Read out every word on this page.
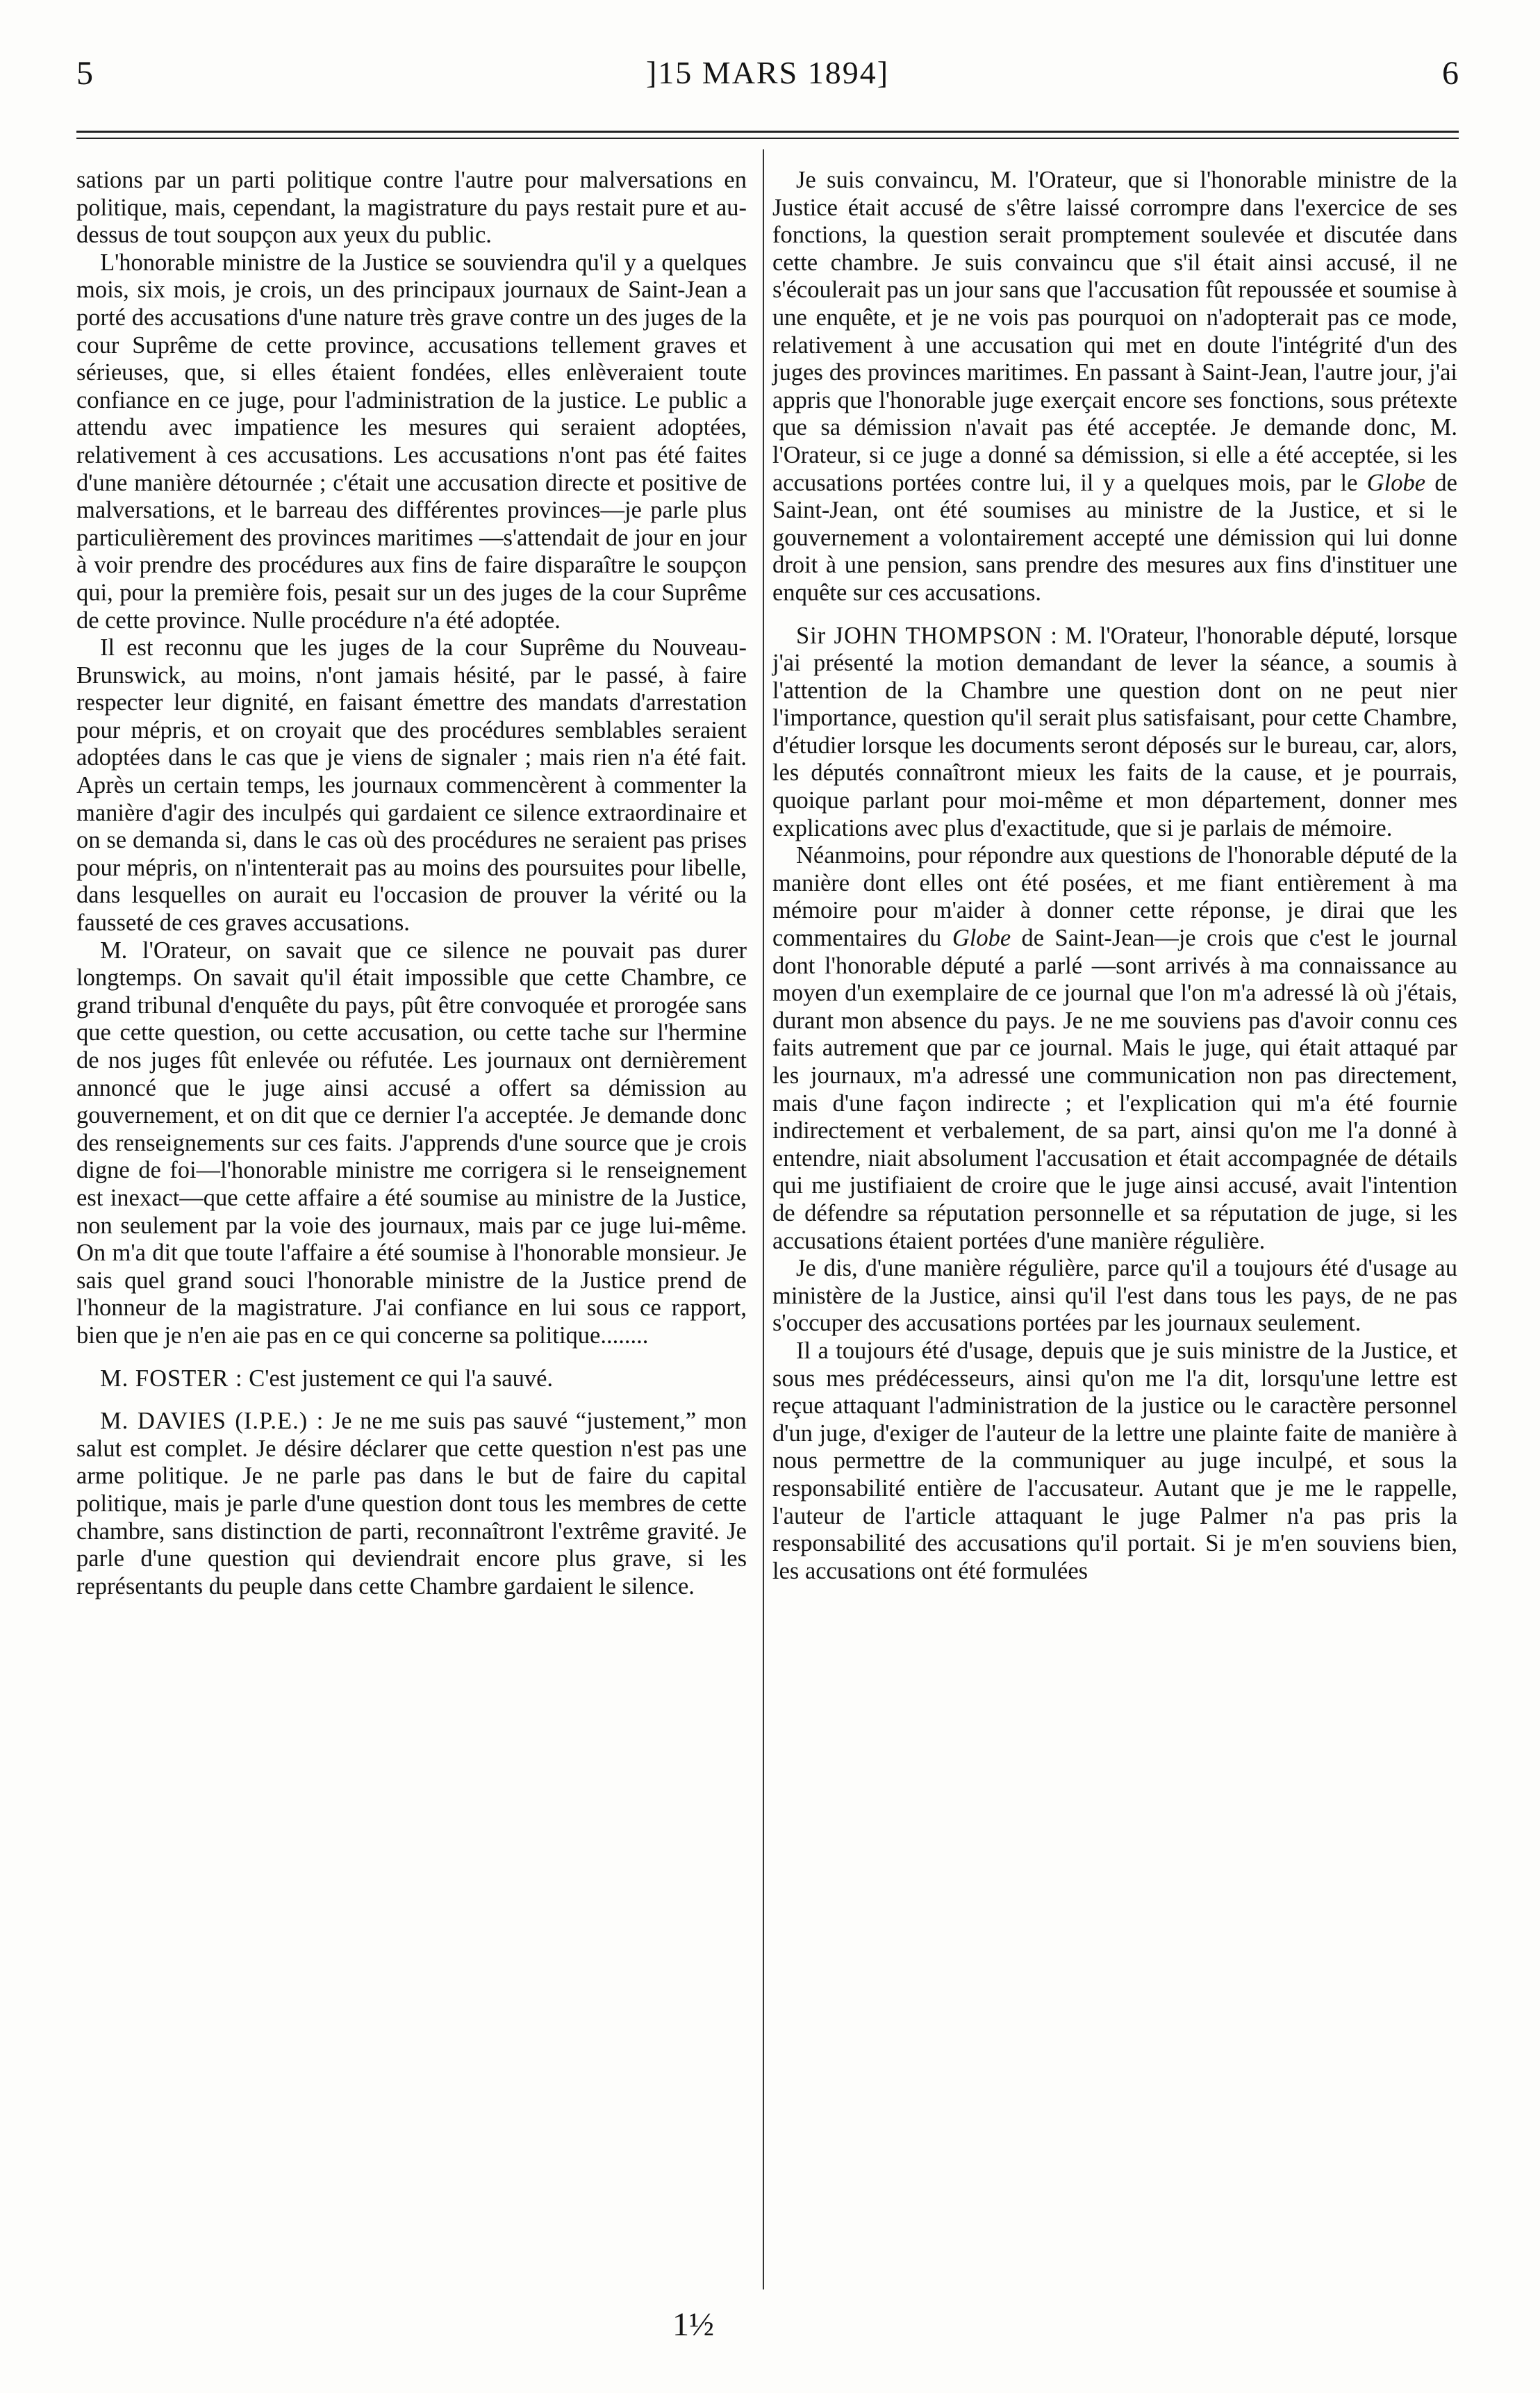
5	]15 MARS 1894]	6

sations par un parti politique contre l'autre pour malversations en politique, mais, cependant, la magistrature du pays restait pure et au-dessus de tout soupçon aux yeux du public.

L'honorable ministre de la Justice se souviendra qu'il y a quelques mois, six mois, je crois, un des principaux journaux de Saint-Jean a porté des accusations d'une nature très grave contre un des juges de la cour Suprême de cette province, accusations tellement graves et sérieuses, que, si elles étaient fondées, elles enlèveraient toute confiance en ce juge, pour l'administration de la justice. Le public a attendu avec impatience les mesures qui seraient adoptées, relativement à ces accusations. Les accusations n'ont pas été faites d'une manière détournée ; c'était une accusation directe et positive de malversations, et le barreau des différentes provinces—je parle plus particulièrement des provinces maritimes —s'attendait de jour en jour à voir prendre des procédures aux fins de faire disparaître le soupçon qui, pour la première fois, pesait sur un des juges de la cour Suprême de cette province. Nulle procédure n'a été adoptée.

Il est reconnu que les juges de la cour Suprême du Nouveau-Brunswick, au moins, n'ont jamais hésité, par le passé, à faire respecter leur dignité, en faisant émettre des mandats d'arrestation pour mépris, et on croyait que des procédures semblables seraient adoptées dans le cas que je viens de signaler ; mais rien n'a été fait. Après un certain temps, les journaux commencèrent à commenter la manière d'agir des inculpés qui gardaient ce silence extraordinaire et on se demanda si, dans le cas où des procédures ne seraient pas prises pour mépris, on n'intenterait pas au moins des poursuites pour libelle, dans lesquelles on aurait eu l'occasion de prouver la vérité ou la fausseté de ces graves accusations.

M. l'Orateur, on savait que ce silence ne pouvait pas durer longtemps. On savait qu'il était impossible que cette Chambre, ce grand tribunal d'enquête du pays, pût être convoquée et prorogée sans que cette question, ou cette accusation, ou cette tache sur l'hermine de nos juges fût enlevée ou réfutée. Les journaux ont dernièrement annoncé que le juge ainsi accusé a offert sa démission au gouvernement, et on dit que ce dernier l'a acceptée. Je demande donc des renseignements sur ces faits. J'apprends d'une source que je crois digne de foi—l'honorable ministre me corrigera si le renseignement est inexact—que cette affaire a été soumise au ministre de la Justice, non seulement par la voie des journaux, mais par ce juge lui-même. On m'a dit que toute l'affaire a été soumise à l'honorable monsieur. Je sais quel grand souci l'honorable ministre de la Justice prend de l'honneur de la magistrature. J'ai confiance en lui sous ce rapport, bien que je n'en aie pas en ce qui concerne sa politique........

M. FOSTER : C'est justement ce qui l'a sauvé.

M. DAVIES (I.P.E.) : Je ne me suis pas sauvé “justement,” mon salut est complet. Je désire déclarer que cette question n'est pas une arme politique. Je ne parle pas dans le but de faire du capital politique, mais je parle d'une question dont tous les membres de cette chambre, sans distinction de parti, reconnaîtront l'extrême gravité. Je parle d'une question qui deviendrait encore plus grave, si les représentants du peuple dans cette Chambre gardaient le silence.

Je suis convaincu, M. l'Orateur, que si l'honorable ministre de la Justice était accusé de s'être laissé corrompre dans l'exercice de ses fonctions, la question serait promptement soulevée et discutée dans cette chambre. Je suis convaincu que s'il était ainsi accusé, il ne s'écoulerait pas un jour sans que l'accusation fût repoussée et soumise à une enquête, et je ne vois pas pourquoi on n'adopterait pas ce mode, relativement à une accusation qui met en doute l'intégrité d'un des juges des provinces maritimes. En passant à Saint-Jean, l'autre jour, j'ai appris que l'honorable juge exerçait encore ses fonctions, sous prétexte que sa démission n'avait pas été acceptée. Je demande donc, M. l'Orateur, si ce juge a donné sa démission, si elle a été acceptée, si les accusations portées contre lui, il y a quelques mois, par le Globe de Saint-Jean, ont été soumises au ministre de la Justice, et si le gouvernement a volontairement accepté une démission qui lui donne droit à une pension, sans prendre des mesures aux fins d'instituer une enquête sur ces accusations.

Sir JOHN THOMPSON : M. l'Orateur, l'honorable député, lorsque j'ai présenté la motion demandant de lever la séance, a soumis à l'attention de la Chambre une question dont on ne peut nier l'importance, question qu'il serait plus satisfaisant, pour cette Chambre, d'étudier lorsque les documents seront déposés sur le bureau, car, alors, les députés connaîtront mieux les faits de la cause, et je pourrais, quoique parlant pour moi-même et mon département, donner mes explications avec plus d'exactitude, que si je parlais de mémoire.

Néanmoins, pour répondre aux questions de l'honorable député de la manière dont elles ont été posées, et me fiant entièrement à ma mémoire pour m'aider à donner cette réponse, je dirai que les commentaires du Globe de Saint-Jean—je crois que c'est le journal dont l'honorable député a parlé —sont arrivés à ma connaissance au moyen d'un exemplaire de ce journal que l'on m'a adressé là où j'étais, durant mon absence du pays. Je ne me souviens pas d'avoir connu ces faits autrement que par ce journal. Mais le juge, qui était attaqué par les journaux, m'a adressé une communication non pas directement, mais d'une façon indirecte ; et l'explication qui m'a été fournie indirectement et verbalement, de sa part, ainsi qu'on me l'a donné à entendre, niait absolument l'accusation et était accompagnée de détails qui me justifiaient de croire que le juge ainsi accusé, avait l'intention de défendre sa réputation personnelle et sa réputation de juge, si les accusations étaient portées d'une manière régulière.

Je dis, d'une manière régulière, parce qu'il a toujours été d'usage au ministère de la Justice, ainsi qu'il l'est dans tous les pays, de ne pas s'occuper des accusations portées par les journaux seulement.

Il a toujours été d'usage, depuis que je suis ministre de la Justice, et sous mes prédécesseurs, ainsi qu'on me l'a dit, lorsqu'une lettre est reçue attaquant l'administration de la justice ou le caractère personnel d'un juge, d'exiger de l'auteur de la lettre une plainte faite de manière à nous permettre de la communiquer au juge inculpé, et sous la responsabilité entière de l'accusateur. Autant que je me le rappelle, l'auteur de l'article attaquant le juge Palmer n'a pas pris la responsabilité des accusations qu'il portait. Si je m'en souviens bien, les accusations ont été formulées

1½
